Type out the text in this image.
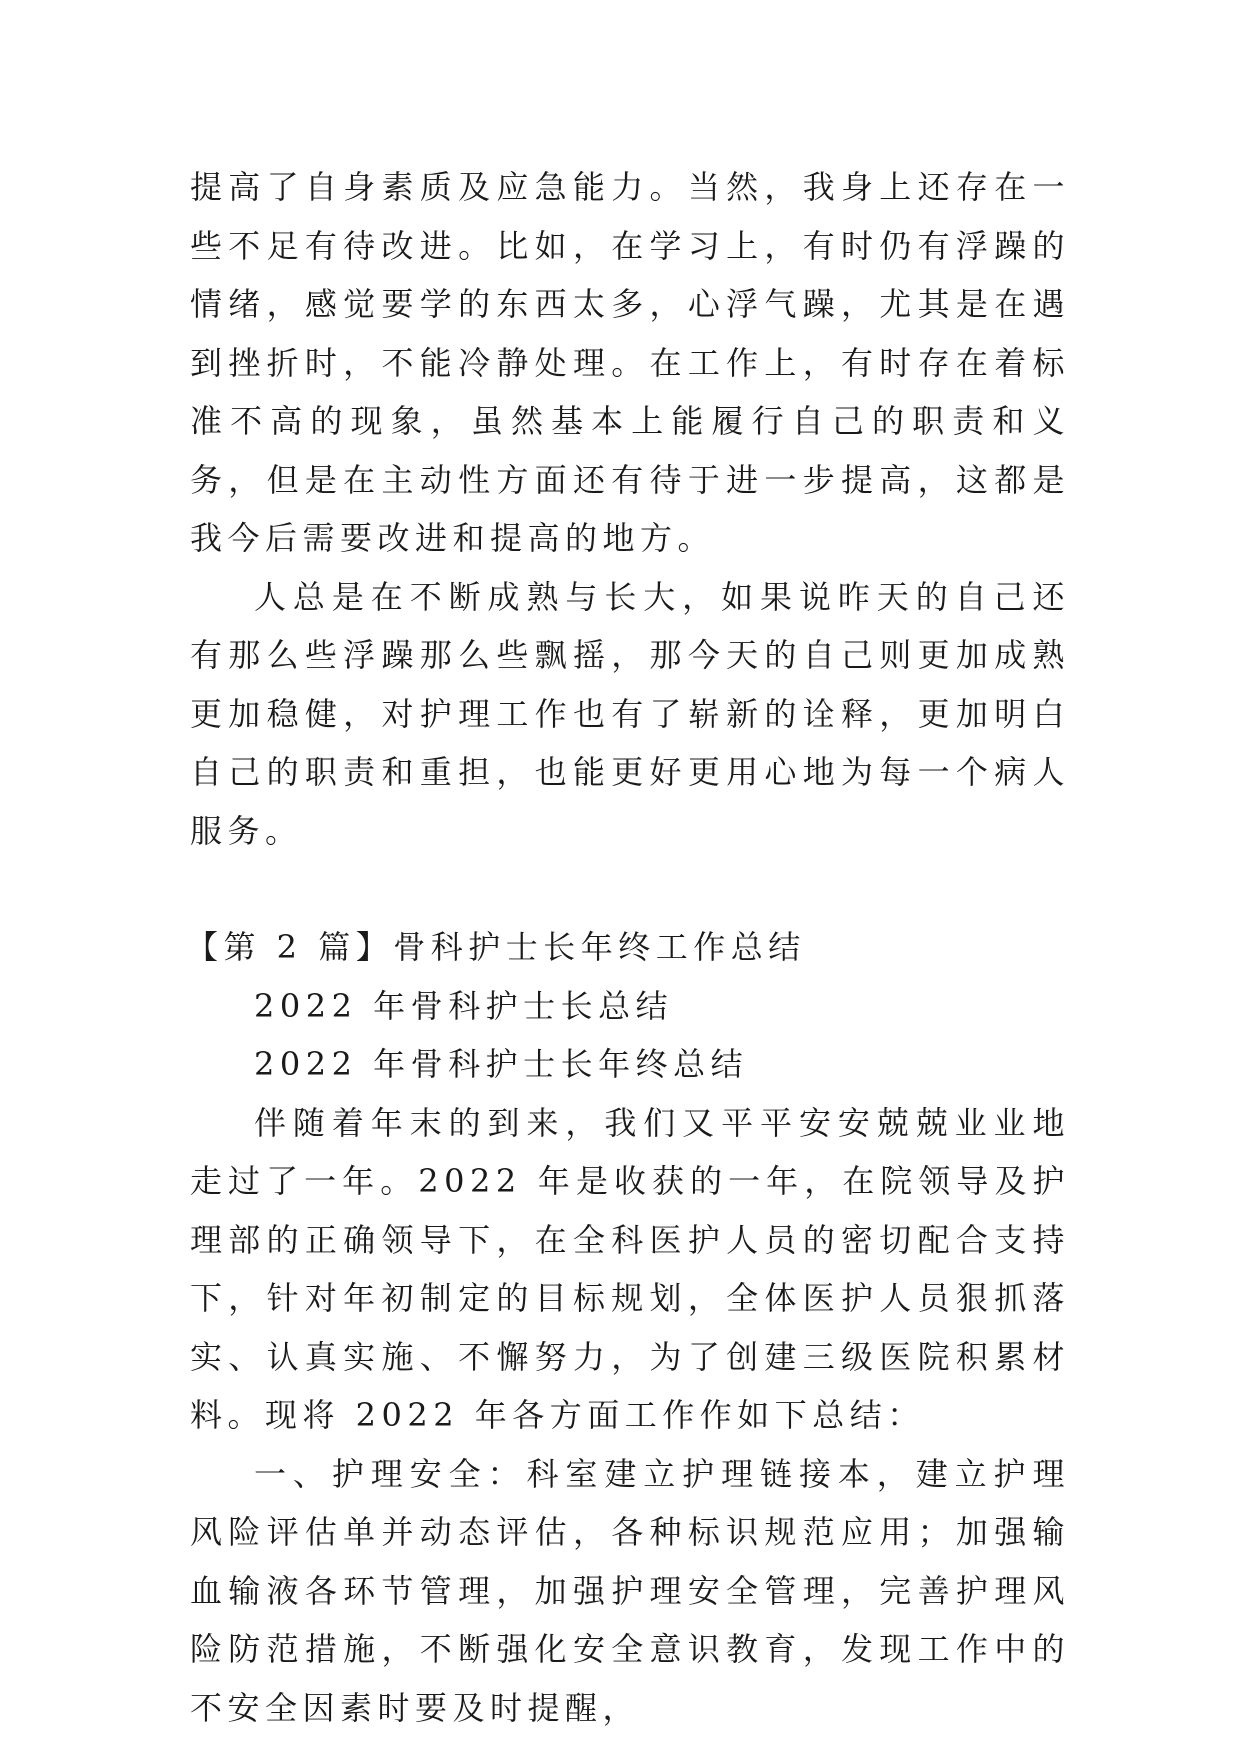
提高了自身素质及应急能力。当然，我身上还存在一些不足有待改进。比如，在学习上，有时仍有浮躁的情绪，感觉要学的东西太多，心浮气躁，尤其是在遇到挫折时，不能冷静处理。在工作上，有时存在着标准不高的现象，虽然基本上能履行自己的职责和义务，但是在主动性方面还有待于进一步提高，这都是我今后需要改进和提高的地方。

人总是在不断成熟与长大，如果说昨天的自己还有那么些浮躁那么些飘摇，那今天的自己则更加成熟更加稳健，对护理工作也有了崭新的诠释，更加明白自己的职责和重担，也能更好更用心地为每一个病人服务。

【第 2 篇】骨科护士长年终工作总结

2022 年骨科护士长总结

2022 年骨科护士长年终总结

伴随着年末的到来，我们又平平安安兢兢业业地走过了一年。2022 年是收获的一年，在院领导及护理部的正确领导下，在全科医护人员的密切配合支持下，针对年初制定的目标规划，全体医护人员狠抓落实、认真实施、不懈努力，为了创建三级医院积累材料。现将 2022 年各方面工作作如下总结：

一、护理安全：科室建立护理链接本，建立护理风险评估单并动态评估，各种标识规范应用；加强输血输液各环节管理，加强护理安全管理，完善护理风险防范措施，不断强化安全意识教育，发现工作中的不安全因素时要及时提醒，
